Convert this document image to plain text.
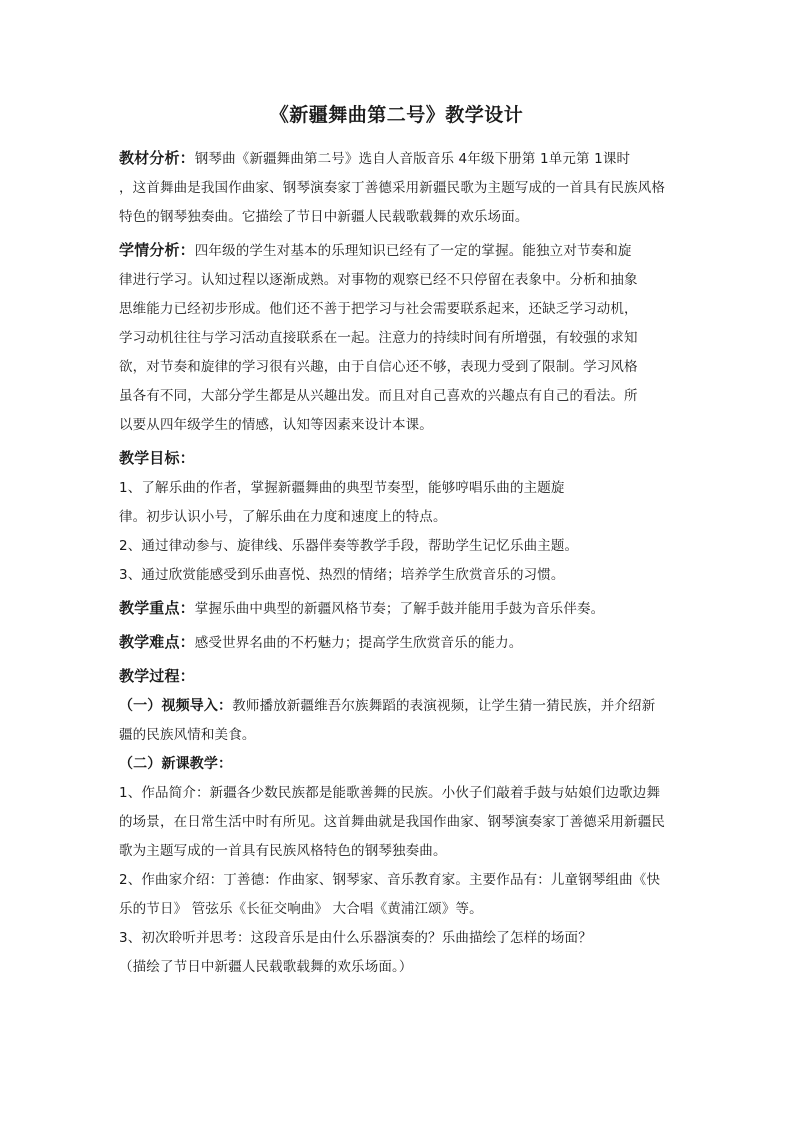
《新疆舞曲第二号》教学设计

教材分析：钢琴曲《新疆舞曲第二号》选自人音版音乐 4年级下册第 1单元第 1课时

，这首舞曲是我国作曲家、钢琴演奏家丁善德采用新疆民歌为主题写成的一首具有民族风格

特色的钢琴独奏曲。它描绘了节日中新疆人民载歌载舞的欢乐场面。

学情分析：四年级的学生对基本的乐理知识已经有了一定的掌握。能独立对节奏和旋

律进行学习。认知过程以逐渐成熟。对事物的观察已经不只停留在表象中。分析和抽象

思维能力已经初步形成。他们还不善于把学习与社会需要联系起来，还缺乏学习动机，

学习动机往往与学习活动直接联系在一起。注意力的持续时间有所增强，有较强的求知

欲，对节奏和旋律的学习很有兴趣，由于自信心还不够，表现力受到了限制。学习风格

虽各有不同，大部分学生都是从兴趣出发。而且对自己喜欢的兴趣点有自己的看法。所

以要从四年级学生的情感，认知等因素来设计本课。

教学目标：

1、了解乐曲的作者，掌握新疆舞曲的典型节奏型，能够哼唱乐曲的主题旋

律。初步认识小号，了解乐曲在力度和速度上的特点。

2、通过律动参与、旋律线、乐器伴奏等教学手段，帮助学生记忆乐曲主题。

3、通过欣赏能感受到乐曲喜悦、热烈的情绪；培养学生欣赏音乐的习惯。

教学重点：掌握乐曲中典型的新疆风格节奏；了解手鼓并能用手鼓为音乐伴奏。

教学难点：感受世界名曲的不朽魅力；提高学生欣赏音乐的能力。

教学过程：

（一）视频导入：教师播放新疆维吾尔族舞蹈的表演视频，让学生猜一猜民族，并介绍新

疆的民族风情和美食。

（二）新课教学：

1、作品简介：新疆各少数民族都是能歌善舞的民族。小伙子们敲着手鼓与姑娘们边歌边舞

的场景，在日常生活中时有所见。这首舞曲就是我国作曲家、钢琴演奏家丁善德采用新疆民

歌为主题写成的一首具有民族风格特色的钢琴独奏曲。

2、作曲家介绍：丁善德：作曲家、钢琴家、音乐教育家。主要作品有：儿童钢琴组曲《快

乐的节日》 管弦乐《长征交响曲》 大合唱《黄浦江颂》等。

3、初次聆听并思考：这段音乐是由什么乐器演奏的？乐曲描绘了怎样的场面？

（描绘了节日中新疆人民载歌载舞的欢乐场面。）
